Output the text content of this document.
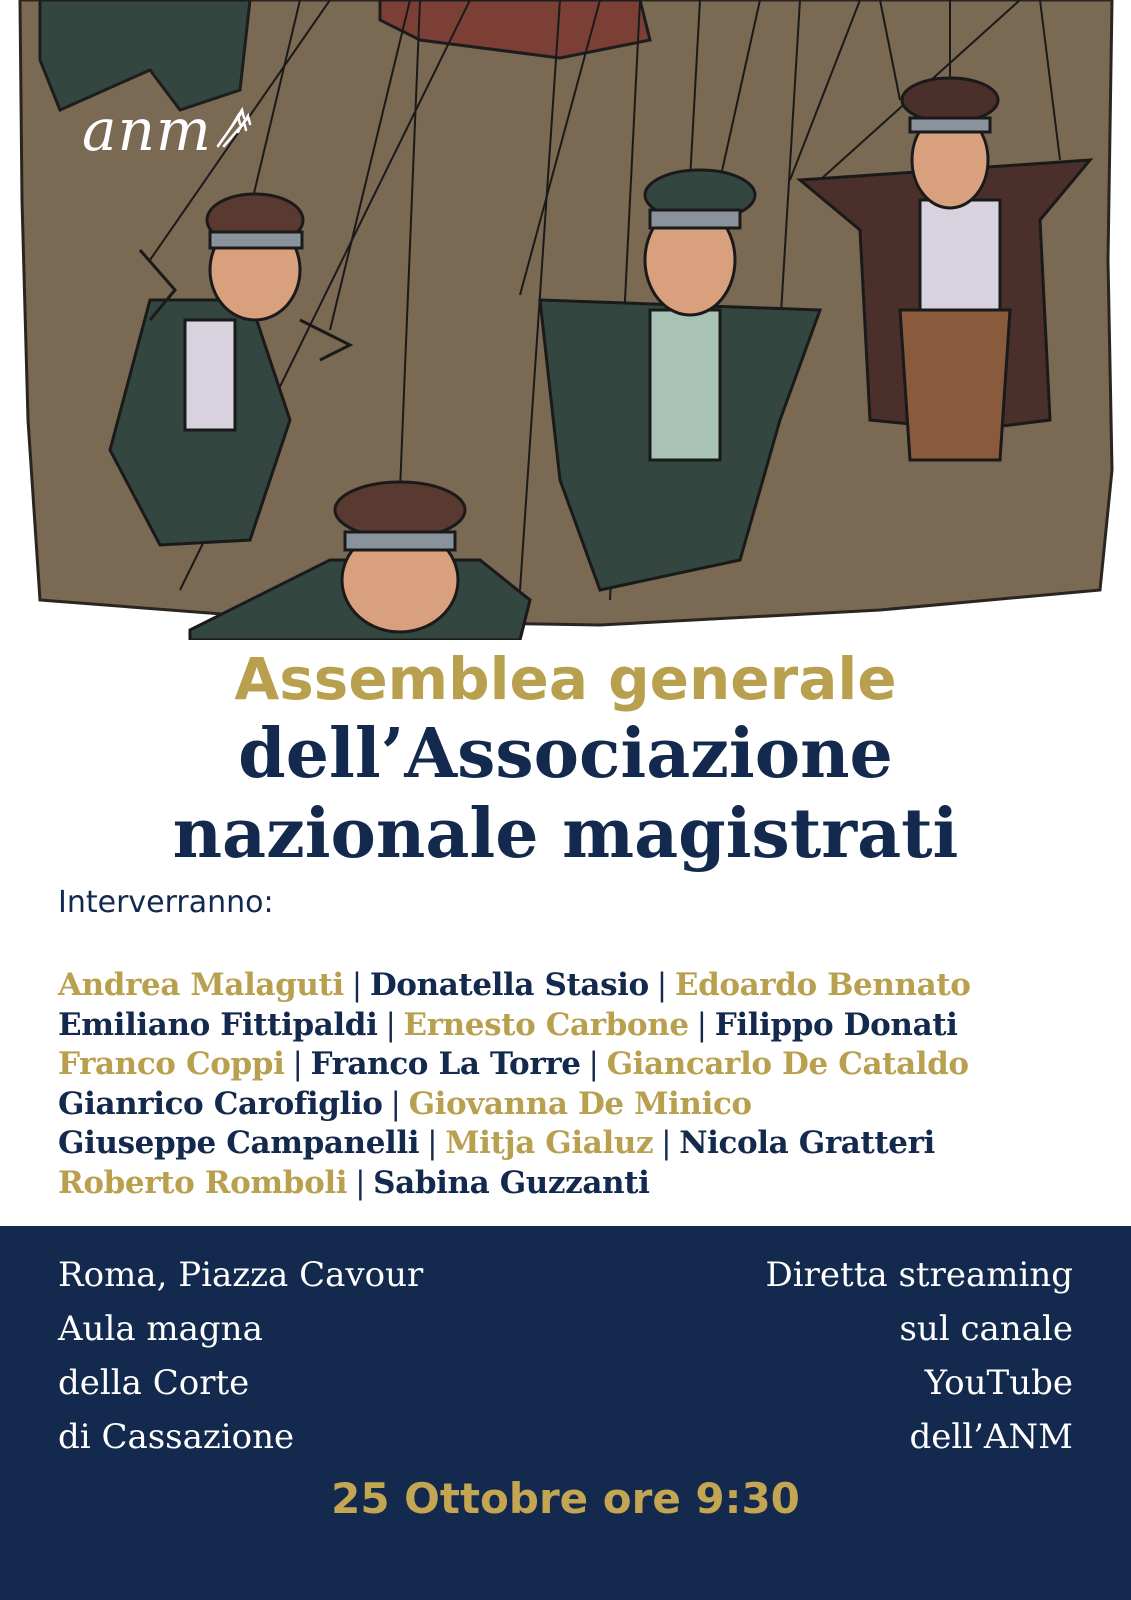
anm
Assemblea generale
dell’Associazione
nazionale magistrati
Interverranno:
Andrea Malaguti | Donatella Stasio | Edoardo Bennato
Emiliano Fittipaldi | Ernesto Carbone | Filippo Donati
Franco Coppi | Franco La Torre | Giancarlo De Cataldo
Gianrico Carofiglio | Giovanna De Minico
Giuseppe Campanelli | Mitja Gialuz | Nicola Gratteri
Roberto Romboli | Sabina Guzzanti
Roma, Piazza Cavour
Aula magna
della Corte
di Cassazione
Diretta streaming
sul canale
YouTube
dell’ANM
25 Ottobre ore 9:30
